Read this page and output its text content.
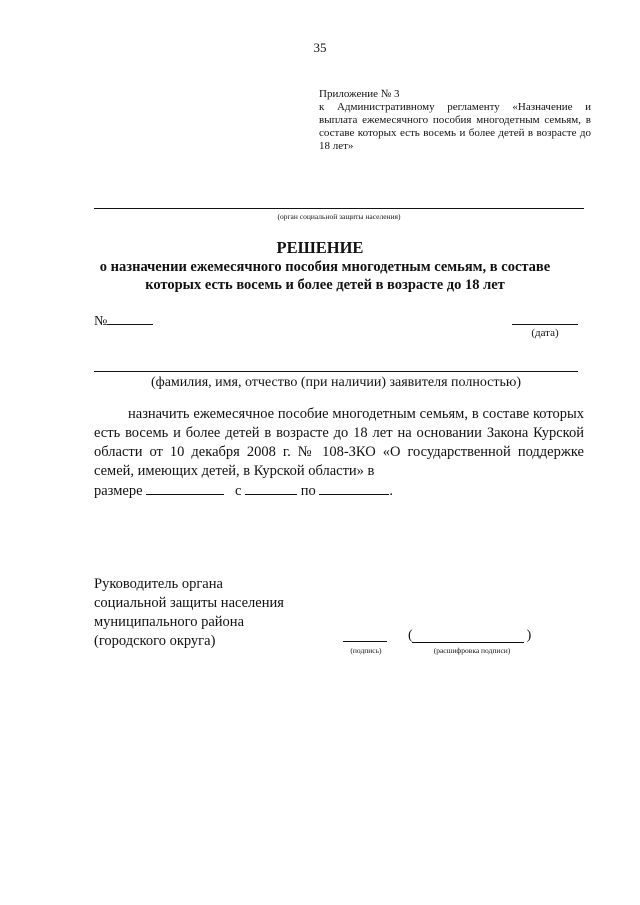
35
Приложение № 3
к Административному регламенту «Назначение и выплата ежемесячного пособия многодетным семьям, в составе которых есть восемь и более детей в возрасте до 18 лет»
(орган социальной защиты населения)
РЕШЕНИЕ
о назначении ежемесячного пособия многодетным семьям, в составе которых есть восемь и более детей в возрасте до 18 лет
№
(дата)
(фамилия, имя, отчество (при наличии) заявителя полностью)
назначить ежемесячное пособие многодетным семьям, в составе которых есть восемь и более детей в возрасте до 18 лет на основании Закона Курской области от 10 декабря 2008 г. № 108-ЗКО «О государственной поддержке семей, имеющих детей, в Курской области» в
размере	с	по	.
Руководитель органа
социальной защиты населения
муниципального района
(городского округа)
(подпись)
(	)
(расшифровка подписи)
